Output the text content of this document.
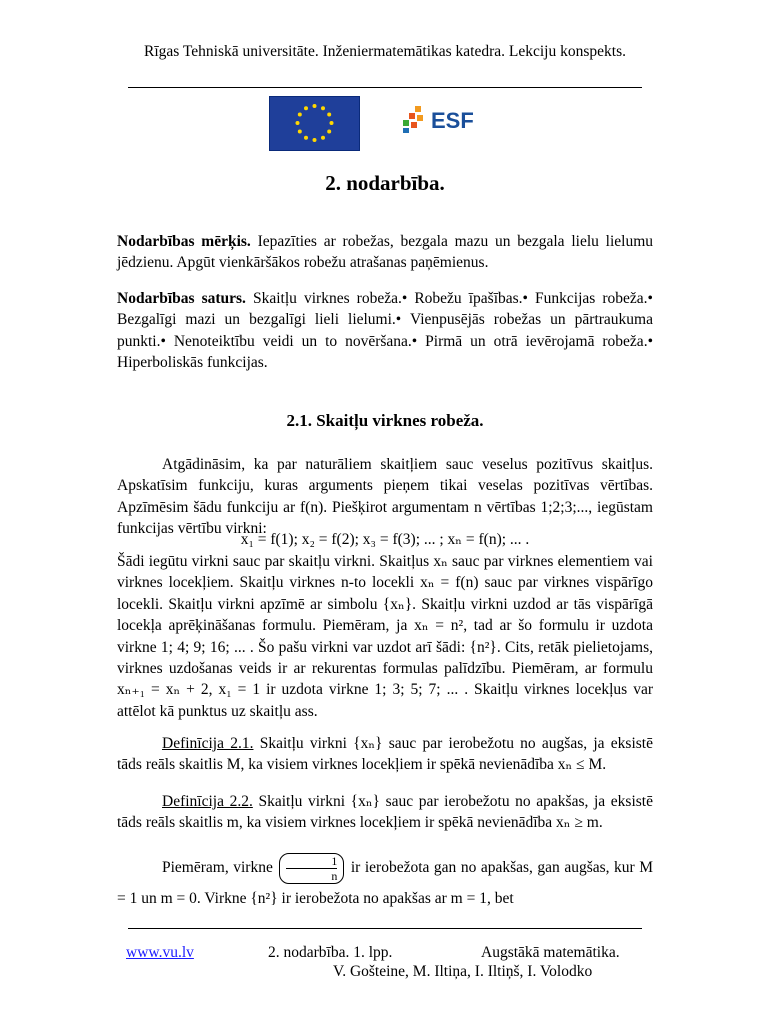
Rīgas Tehniskā universitāte. Inženiermatemātikas katedra. Lekciju konspekts.
ESF
2. nodarbība.
Nodarbības mērķis. Iepazīties ar robežas, bezgala mazu un bezgala lielu lielumu jēdzienu. Apgūt vienkāršākos robežu atrašanas paņēmienus.
Nodarbības saturs. Skaitļu virknes robeža.• Robežu īpašības.• Funkcijas robeža.• Bezgalīgi mazi un bezgalīgi lieli lielumi.• Vienpusējās robežas un pārtraukuma punkti.• Nenoteiktību veidi un to novēršana.• Pirmā un otrā ievērojamā robeža.• Hiperboliskās funkcijas.
2.1. Skaitļu virknes robeža.
Atgādināsim, ka par naturāliem skaitļiem sauc veselus pozitīvus skaitļus. Apskatīsim funkciju, kuras arguments pieņem tikai veselas pozitīvas vērtības. Apzīmēsim šādu funkciju ar f(n). Piešķirot argumentam n vērtības 1;2;3;..., iegūstam funkcijas vērtību virkni:
x₁ = f(1); x₂ = f(2); x₃ = f(3); ... ; xₙ = f(n); ... .
Šādi iegūtu virkni sauc par skaitļu virkni. Skaitļus xₙ sauc par virknes elementiem vai virknes locekļiem. Skaitļu virknes n-to locekli xₙ = f(n) sauc par virknes vispārīgo locekli. Skaitļu virkni apzīmē ar simbolu {xₙ}. Skaitļu virkni uzdod ar tās vispārīgā locekļa aprēķināšanas formulu. Piemēram, ja xₙ = n², tad ar šo formulu ir uzdota virkne 1; 4; 9; 16; ... . Šo pašu virkni var uzdot arī šādi: {n²}. Cits, retāk pielietojams, virknes uzdošanas veids ir ar rekurentas formulas palīdzību. Piemēram, ar formulu xₙ₊₁ = xₙ + 2, x₁ = 1 ir uzdota virkne 1; 3; 5; 7; ... . Skaitļu virknes locekļus var attēlot kā punktus uz skaitļu ass.
Definīcija 2.1. Skaitļu virkni {xₙ} sauc par ierobežotu no augšas, ja eksistē tāds reāls skaitlis M, ka visiem virknes locekļiem ir spēkā nevienādība xₙ ≤ M.
Definīcija 2.2. Skaitļu virkni {xₙ} sauc par ierobežotu no apakšas, ja eksistē tāds reāls skaitlis m, ka visiem virknes locekļiem ir spēkā nevienādība xₙ ≥ m.
Piemēram, virkne $\frac{1}{n}$ ir ierobežota gan no apakšas, gan augšas, kur M = 1 un m = 0. Virkne {n²} ir ierobežota no apakšas ar m = 1, bet
www.vu.lv	2. nodarbība. 1. lpp.	Augstākā matemātika.
V. Gošteine, M. Iltiņa, I. Iltiņš, I. Volodko
